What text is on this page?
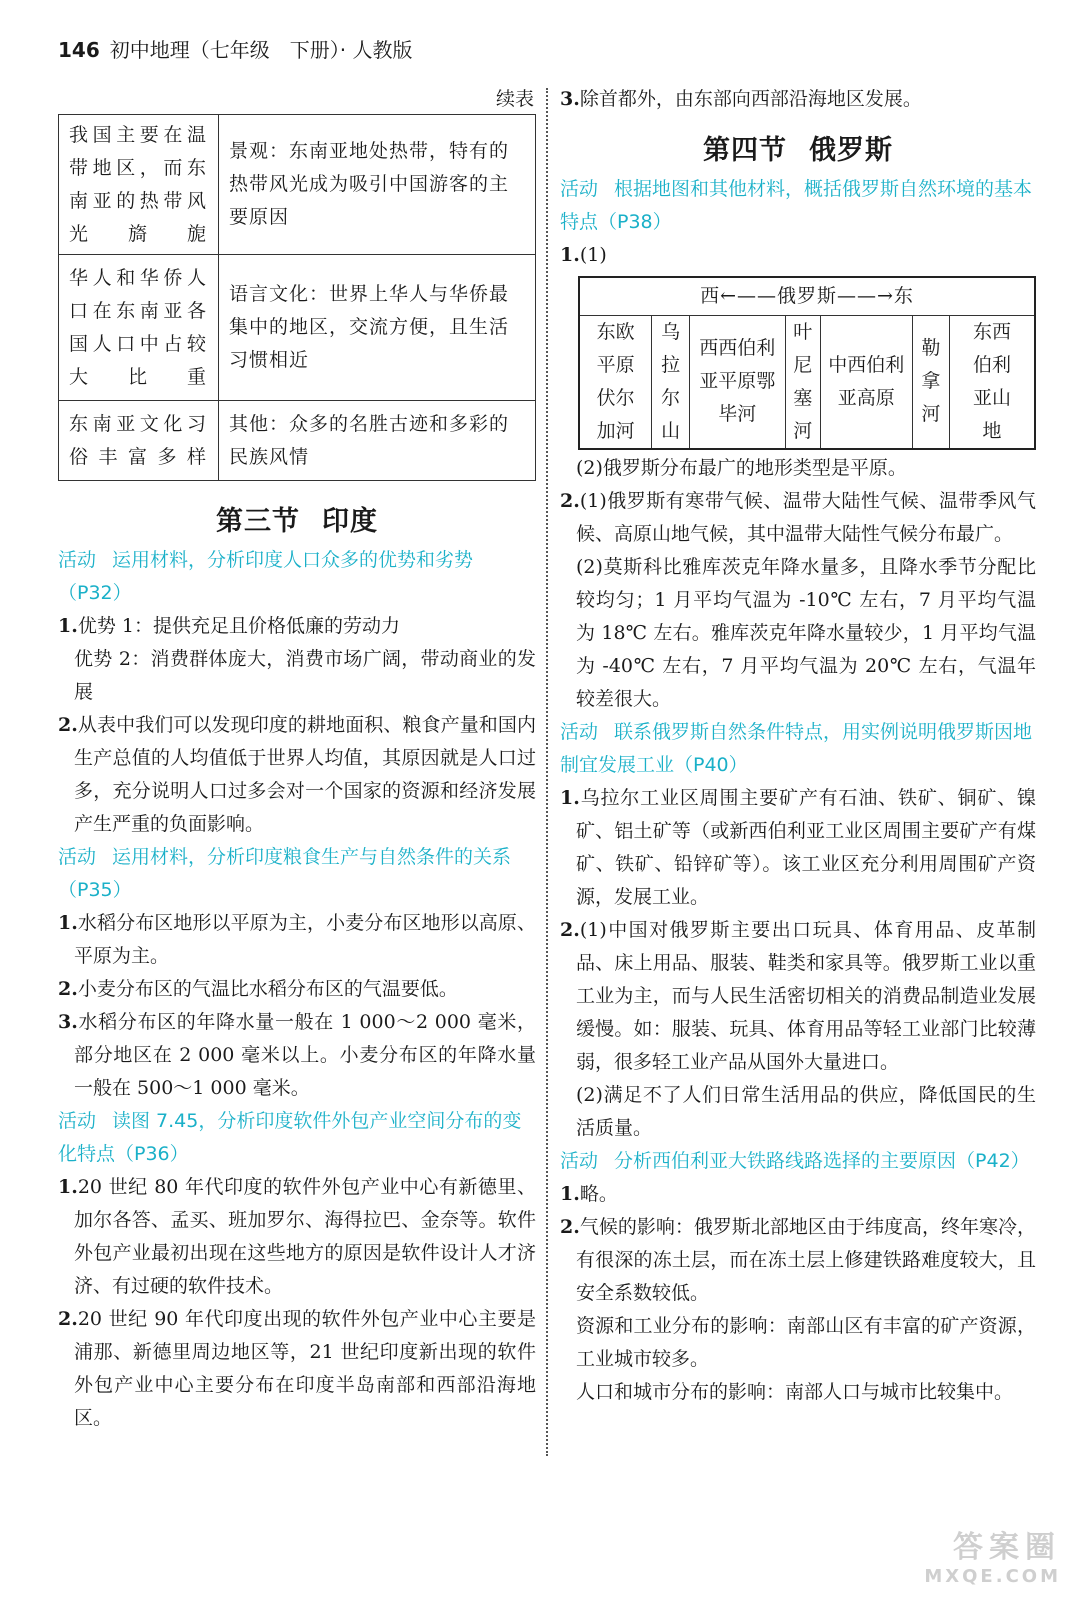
146 初中地理（七年级　下册）· 人教版
续表
我国主要在温带地区，而东南亚的热带风光旖旎	景观：东南亚地处热带，特有的热带风光成为吸引中国游客的主要原因
华人和华侨人口在东南亚各国人口中占较大比重	语言文化：世界上华人与华侨最集中的地区，交流方便，且生活习惯相近
东南亚文化习俗丰富多样	其他：众多的名胜古迹和多彩的民族风情
第三节 印度
活动 运用材料，分析印度人口众多的优势和劣势（P32）
1.优势 1：提供充足且价格低廉的劳动力
优势 2：消费群体庞大，消费市场广阔，带动商业的发展
2.从表中我们可以发现印度的耕地面积、粮食产量和国内生产总值的人均值低于世界人均值，其原因就是人口过多，充分说明人口过多会对一个国家的资源和经济发展产生严重的负面影响。
活动 运用材料，分析印度粮食生产与自然条件的关系（P35）
1.水稻分布区地形以平原为主，小麦分布区地形以高原、平原为主。
2.小麦分布区的气温比水稻分布区的气温要低。
3.水稻分布区的年降水量一般在 1 000～2 000 毫米，部分地区在 2 000 毫米以上。小麦分布区的年降水量一般在 500～1 000 毫米。
活动 读图 7.45，分析印度软件外包产业空间分布的变化特点（P36）
1.20 世纪 80 年代印度的软件外包产业中心有新德里、加尔各答、孟买、班加罗尔、海得拉巴、金奈等。软件外包产业最初出现在这些地方的原因是软件设计人才济济、有过硬的软件技术。
2.20 世纪 90 年代印度出现的软件外包产业中心主要是浦那、新德里周边地区等，21 世纪印度新出现的软件外包产业中心主要分布在印度半岛南部和西部沿海地区。
3.除首都外，由东部向西部沿海地区发展。
第四节 俄罗斯
活动 根据地图和其他材料，概括俄罗斯自然环境的基本特点（P38）
1.(1)
西←——俄罗斯——→东
东欧平原伏尔加河	乌拉尔山	西西伯利亚平原鄂毕河	叶尼塞河	中西伯利亚高原	勒拿河	东西伯利亚山地
(2)俄罗斯分布最广的地形类型是平原。
2.(1)俄罗斯有寒带气候、温带大陆性气候、温带季风气候、高原山地气候，其中温带大陆性气候分布最广。
(2)莫斯科比雅库茨克年降水量多，且降水季节分配比较均匀；1 月平均气温为 -10℃ 左右，7 月平均气温为 18℃ 左右。雅库茨克年降水量较少，1 月平均气温为 -40℃ 左右，7 月平均气温为 20℃ 左右，气温年较差很大。
活动 联系俄罗斯自然条件特点，用实例说明俄罗斯因地制宜发展工业（P40）
1.乌拉尔工业区周围主要矿产有石油、铁矿、铜矿、镍矿、铝土矿等（或新西伯利亚工业区周围主要矿产有煤矿、铁矿、铅锌矿等）。该工业区充分利用周围矿产资源，发展工业。
2.(1)中国对俄罗斯主要出口玩具、体育用品、皮革制品、床上用品、服装、鞋类和家具等。俄罗斯工业以重工业为主，而与人民生活密切相关的消费品制造业发展缓慢。如：服装、玩具、体育用品等轻工业部门比较薄弱，很多轻工业产品从国外大量进口。
(2)满足不了人们日常生活用品的供应，降低国民的生活质量。
活动 分析西伯利亚大铁路线路选择的主要原因（P42）
1.略。
2.气候的影响：俄罗斯北部地区由于纬度高，终年寒冷，有很深的冻土层，而在冻土层上修建铁路难度较大，且安全系数较低。
资源和工业分布的影响：南部山区有丰富的矿产资源，工业城市较多。
人口和城市分布的影响：南部人口与城市比较集中。
答案圈
MXQE.COM
